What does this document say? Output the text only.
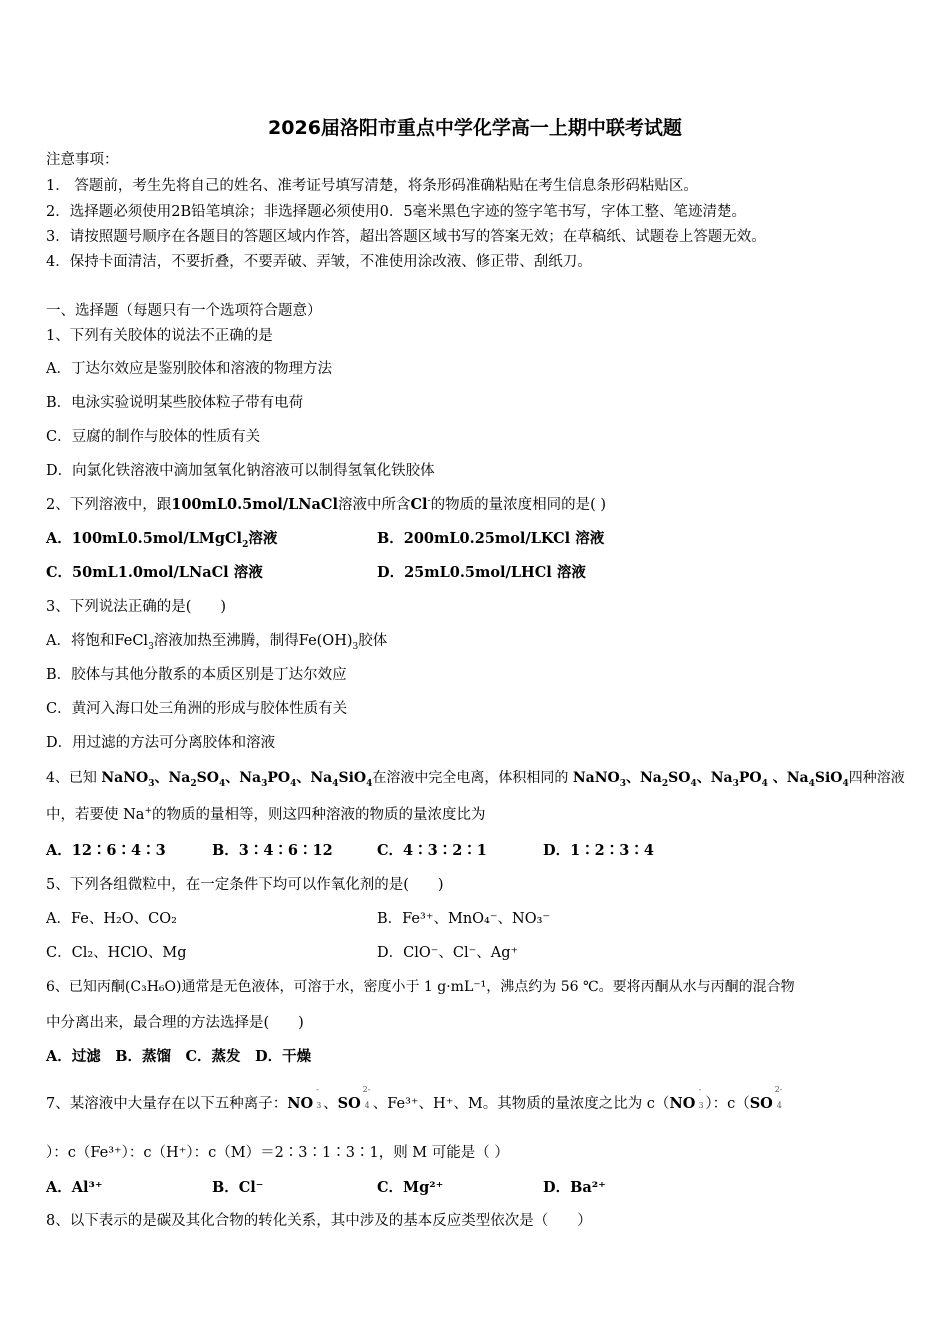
2026届洛阳市重点中学化学高一上期中联考试题
注意事项：
1． 答题前，考生先将自己的姓名、准考证号填写清楚，将条形码准确粘贴在考生信息条形码粘贴区。
2．选择题必须使用2B铅笔填涂；非选择题必须使用0．5毫米黑色字迹的签字笔书写，字体工整、笔迹清楚。
3．请按照题号顺序在各题目的答题区域内作答，超出答题区域书写的答案无效；在草稿纸、试题卷上答题无效。
4．保持卡面清洁，不要折叠，不要弄破、弄皱，不准使用涂改液、修正带、刮纸刀。
一、选择题（每题只有一个选项符合题意）
1、下列有关胶体的说法不正确的是
A．丁达尔效应是鉴别胶体和溶液的物理方法
B．电泳实验说明某些胶体粒子带有电荷
C．豆腐的制作与胶体的性质有关
D．向氯化铁溶液中滴加氢氧化钠溶液可以制得氢氧化铁胶体
2、下列溶液中，跟100mL0.5mol/LNaCl溶液中所含Cl-的物质的量浓度相同的是( )
A．100mL0.5mol/LMgCl$_2$溶液	B．200mL0.25mol/LKCl 溶液
C．50mL1.0mol/LNaCl 溶液	D．25mL0.5mol/LHCl 溶液
3、下列说法正确的是(　　)
A．将饱和FeCl$_3$溶液加热至沸腾，制得$Fe(OH)_3$胶体
B．胶体与其他分散系的本质区别是丁达尔效应
C．黄河入海口处三角洲的形成与胶体性质有关
D．用过滤的方法可分离胶体和溶液
4、已知 NaNO$_3$、$Na_2SO_4$、$Na_3PO_4$、$Na_4SiO_4$在溶液中完全电离，体积相同的 NaNO$_3$、$Na_2SO_4$、$Na_3PO_4$ 、$Na_4SiO_4$四种溶液
中，若要使 Na+的物质的量相等，则这四种溶液的物质的量浓度比为
A．12∶6∶4∶3	B．3∶4∶6∶12	C．4∶3∶2∶1	D．1∶2∶3∶4
5、下列各组微粒中，在一定条件下均可以作氧化剂的是(　　)
A．Fe、H₂O、CO₂	B．Fe³⁺、MnO₄⁻、NO₃⁻
C．Cl₂、HClO、Mg	D．ClO⁻、Cl⁻、Ag⁺
6、已知丙酮(C₃H₆O)通常是无色液体，可溶于水，密度小于 1 g·mL⁻¹，沸点约为 56 ℃。要将丙酮从水与丙酮的混合物
中分离出来，最合理的方法选择是(　　)
A．过滤　B．蒸馏　C．蒸发　D．干燥
7、某溶液中大量存在以下五种离子：NO
-
3 、SO
2-
4 、Fe³⁺、H⁺、M。其物质的量浓度之比为 c（NO
-
3 ）：c（SO
2-
4
）：c（Fe³⁺）：c（H⁺）：c（M）＝2∶3∶1∶3∶1，则 M 可能是（ ）
A．Al³⁺	B．Cl⁻	C．Mg²⁺	D．Ba²⁺
8、以下表示的是碳及其化合物的转化关系，其中涉及的基本反应类型依次是（　　）
